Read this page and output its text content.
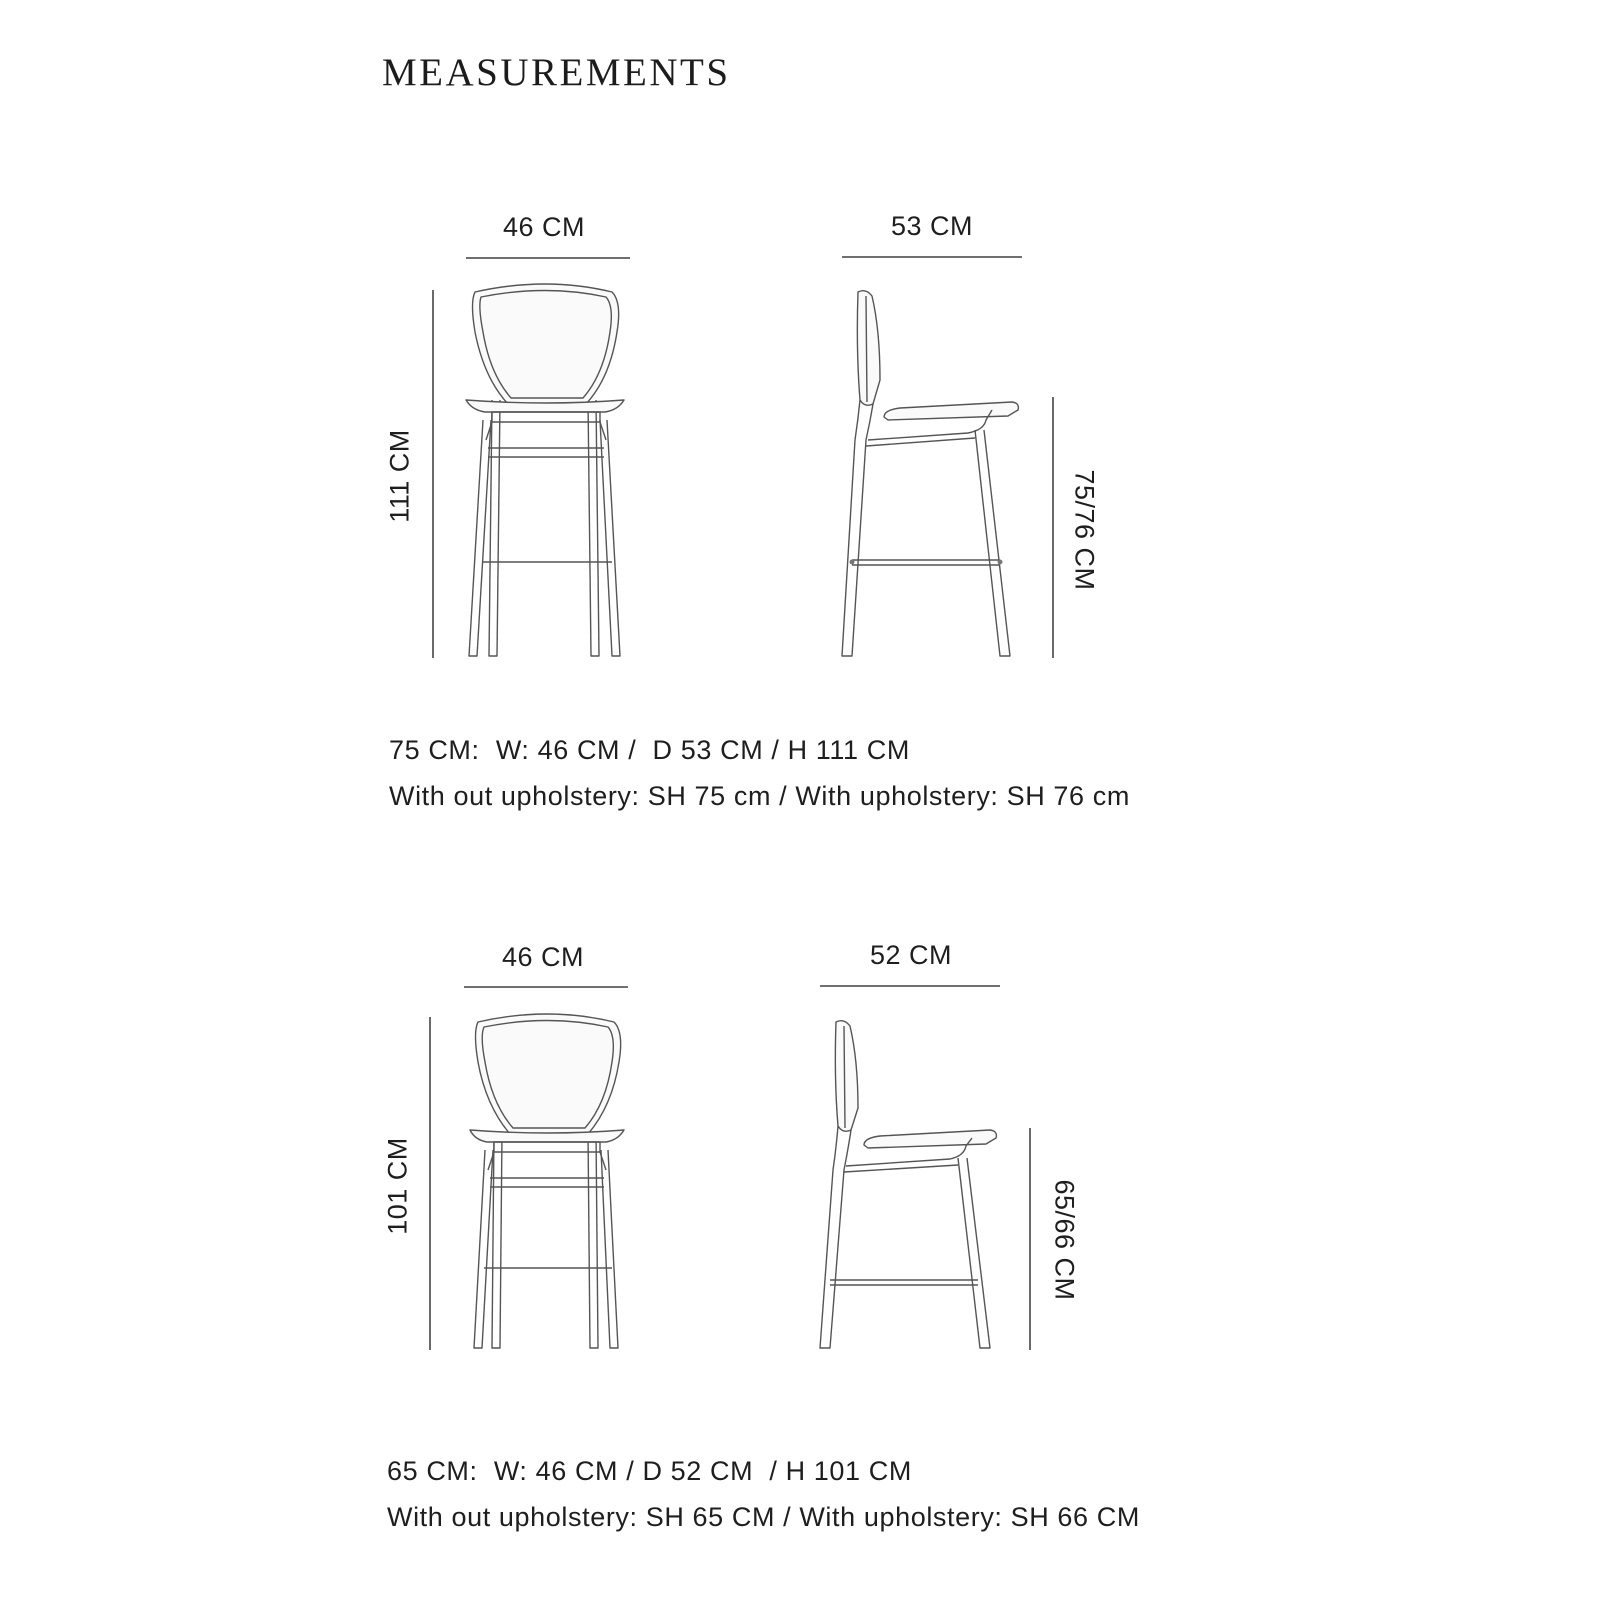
MEASUREMENTS
46 CM	53 CM
111 CM	75/76 CM
75 CM:  W: 46 CM /  D 53 CM / H 111 CM
With out upholstery: SH 75 cm / With upholstery: SH 76 cm
46 CM	52 CM
101 CM	65/66 CM
65 CM:  W: 46 CM / D 52 CM  / H 101 CM
With out upholstery: SH 65 CM / With upholstery: SH 66 CM
